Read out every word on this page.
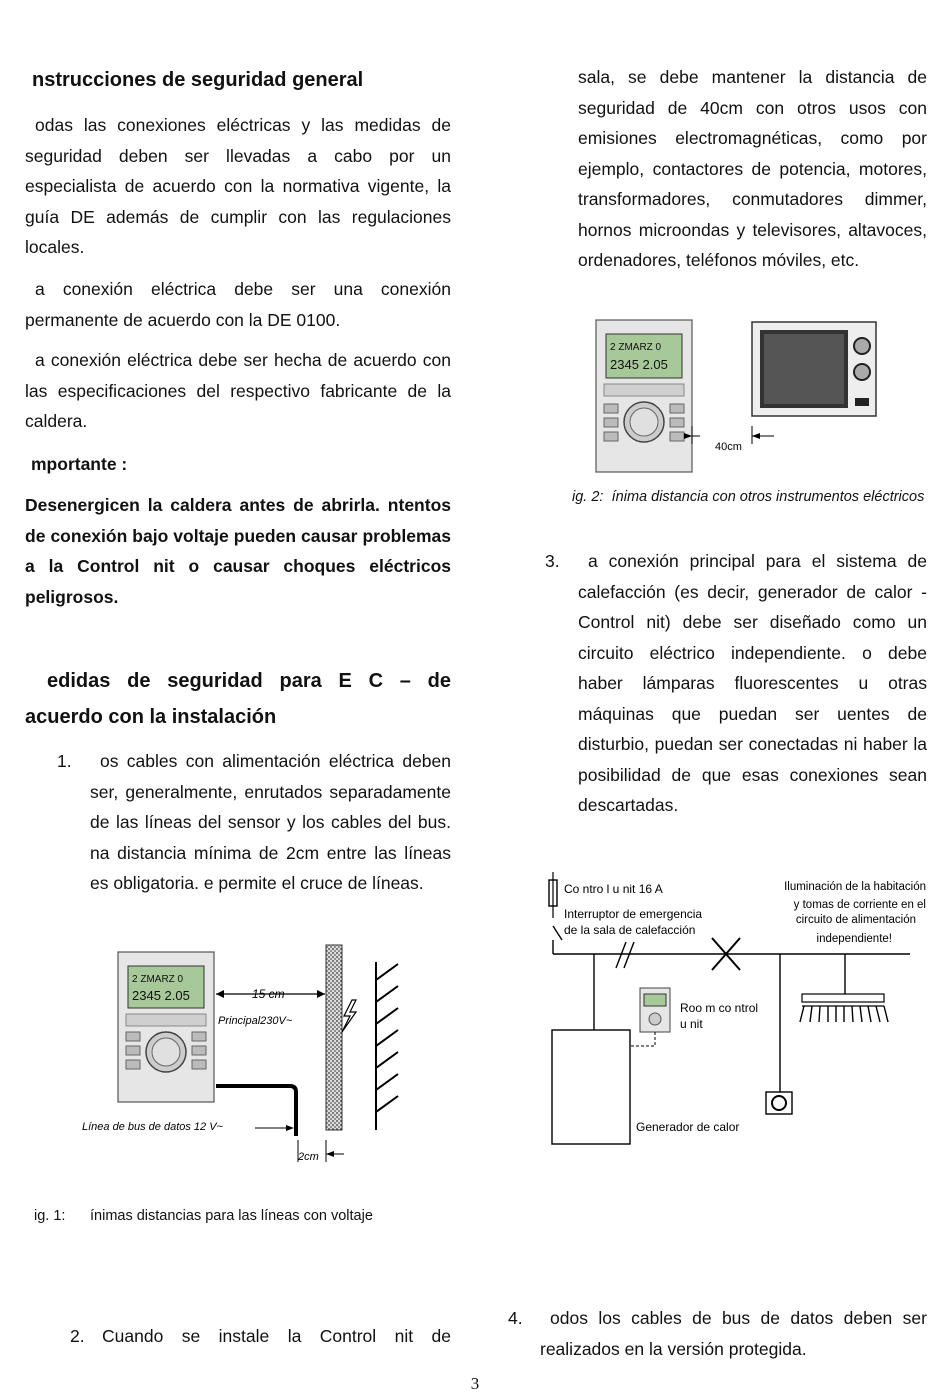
nstrucciones de seguridad general

odas las conexiones eléctricas y las medidas de seguridad deben ser llevadas a cabo por un especialista de acuerdo con la normativa vigente, la guía DE además de cumplir con las regulaciones locales.

a conexión eléctrica debe ser una conexión permanente de acuerdo con la DE 0100.

a conexión eléctrica debe ser hecha de acuerdo con las especificaciones del respectivo fabricante de la caldera.

mportante :

Desenergicen la caldera antes de abrirla. ntentos de conexión bajo voltaje pueden causar problemas a la Control nit o causar choques eléctricos peligrosos.

edidas de seguridad para E C – de acuerdo con la instalación
1.	os cables con alimentación eléctrica deben ser, generalmente, enrutados separadamente de las líneas del sensor y los cables del bus. na distancia mínima de 2cm entre las líneas es obligatoria. e permite el cruce de líneas.

2 ZMARZ 0
2345 2.05	15 cm
Principal230V~
Línea de bus de datos 12 V~
2cm
ig. 1: ínimas distancias para las líneas con voltaje
2. Cuando se instale la Control nit de

sala, se debe mantener la distancia de seguridad de 40cm con otros usos con emisiones electromagnéticas, como por ejemplo, contactores de potencia, motores, transformadores, conmutadores dimmer, hornos microondas y televisores, altavoces, ordenadores, teléfonos móviles, etc.

2 ZMARZ 0
2345 2.05
40cm
ig. 2: ínima distancia con otros instrumentos eléctricos
3.	a conexión principal para el sistema de calefacción (es decir, generador de calor - Control nit) debe ser diseñado como un circuito eléctrico independiente. o debe haber lámparas fluorescentes u otras máquinas que puedan ser uentes de disturbio, puedan ser conectadas ni haber la posibilidad de que esas conexiones sean descartadas.

Co ntro l u nit 16 A
Interruptor de emergencia
de la sala de calefacción
Iluminación de la habitación
y tomas de corriente en el
circuito de alimentación
independiente!
Generador de calor
Roo m co ntrol
u nit
4.	odos los cables de bus de datos deben ser realizados en la versión protegida.

3
